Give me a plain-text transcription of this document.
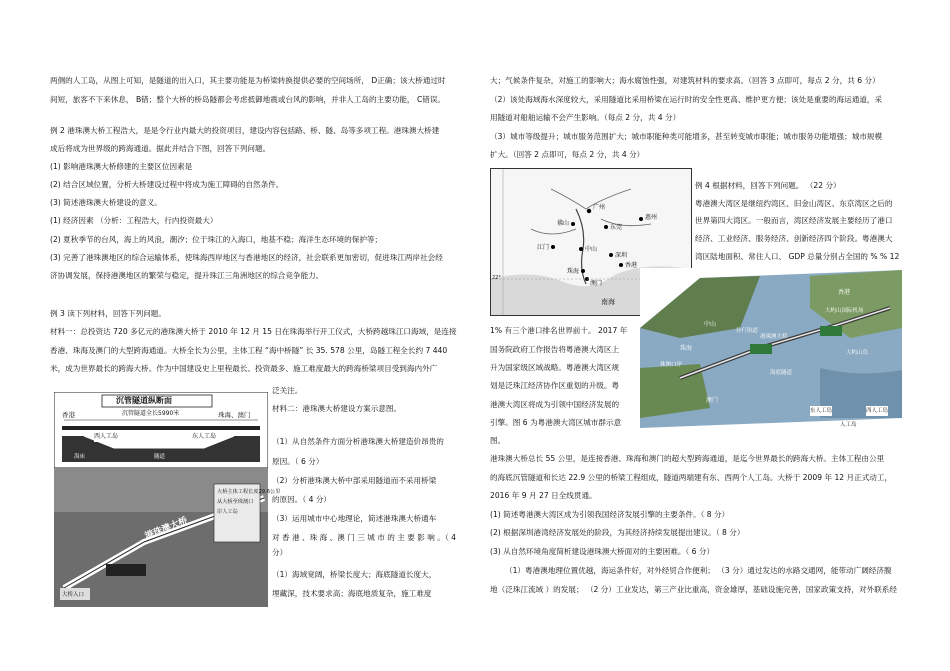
两侧的人工岛，从图上可知，是隧道的出入口，其主要功能是为桥梁转换提供必要的空间场所， D正确；该大桥通过时
间短，旅客不下来休息， B错；整个大桥的桥岛隧都会考虑抵御地震或台风的影响，并非人工岛的主要功能， C错误。
例 2 港珠澳大桥工程浩大，是是令行业内最大的投资项目，建设内容包括路、桥、隧、岛等多项工程。港珠澳大桥建
成后将成为世界级的跨海通道。据此并结合下图，回答下列问题。
(1) 影响港珠澳大桥修建的主要区位因素是
(2) 结合区域位置，分析大桥建设过程中将成为施工障碍的自然条件。
(3) 简述港珠澳大桥建设的意义。
(1) 经济因素 （分析：工程浩大，行内投资最大）
(2) 夏秋季节的台风，海上的风浪，潮汐；位于珠江的入海口，地基不稳；海洋生态环境的保护等；
(3) 完善了港珠澳地区的综合运输体系，使珠海西岸地区与香港地区的经济，社会联系更加密切，促进珠江两岸社会经
济协调发展，保持港澳地区的繁荣与稳定，提升珠江三角洲地区的综合竞争能力。
例 3 读下列材料，回答下列问题。
材料一：总投资达 720 多亿元的港珠澳大桥于 2010 年 12 月 15 日在珠海举行开工仪式，大桥跨越珠江口海域，是连接
香港、珠海及澳门的大型跨海通道。大桥全长为公里，主体工程 “海中桥隧” 长 35. 578 公里，岛隧工程全长约 7 440
米，成为世界最长的跨海大桥。作为中国建设史上里程最长、投资最多、施工难度最大的跨海桥梁项目受到海内外广
沉管隧道纵断面
沉管隧道全长5990米
香港	珠海、澳门
西人工岛	东人工岛
海床	隧道
大桥主体工程长度29.6公里
从大桥至珠澳口
岸人工岛
港珠澳大桥
大桥入口
泛关注。
材料二：港珠澳大桥建设方案示意图。
（1）从自然条件方面分析港珠澳大桥建造价昂贵的
原因。（ 6 分）
（2）分析港珠澳大桥中部采用隧道而不采用桥梁
的原因。（ 4 分）
（3）运用城市中心地理论，简述港珠澳大桥通车
对 香 港 、珠 海 、澳 门 三 城 市 的 主 要 影 响 。（ 4
分）
（1）海域宽阔，桥梁长度大；海底隧道长度大，
埋藏深，技术要求高；海底地质复杂，施工难度
大；气候条件复杂，对施工的影响大；海水腐蚀性强，对建筑材料的要求高。（回答 3 点即可，每点 2 分，共 6 分）
（2）该处海域海水深度较大，采用隧道比采用桥梁在运行时的安全性更高、维护更方便；该处是重要的海运通道，采
用隧道对船舶运输不会产生影响。（每点 2 分，共 4 分）
（3）城市等级提升；城市服务范围扩大；城市职能种类可能增多，甚至转变城市职能；城市服务功能增强；城市规模
扩大。（回答 2 点即可，每点 2 分，共 4 分）
广州
佛山
东莞
惠州
江门	中山
深圳
珠海
澳门
香港
南海
22°
例 4 根据材料，回答下列问题。 （22 分）
粤港澳大湾区是继纽约湾区、旧金山湾区、东京湾区之后的
世界第四大湾区。一般而言，湾区经济发展主要经历了港口
经济、工业经济、服务经济、创新经济四个阶段。粤港澳大
湾区陆地面积、常住人口、 GDP 总量分别占全国的 % % 12
香港
中山
珠海
澳门
伶仃航道
大屿山国际机场
大屿山岛
珠澳口岸
东人工岛	西人工岛
人工岛
海底隧道
港珠澳大桥
1% 有三个港口排名世界前十。 2017 年
国务院政府工作报告将粤港澳大湾区上
升为国家级区域战略。粤港澳大湾区规
划是泛珠江经济协作区重划的升级。粤
港澳大湾区将成为引领中国经济发展的
引擎。图 6 为粤港澳大湾区城市群示意
图。
港珠澳大桥总长 55 公里，是连接香港、珠海和澳门的超大型跨海通道，是迄今世界最长的跨海大桥。主体工程由公里
的海底沉管隧道和长达 22.9 公里的桥梁工程组成，隧道两端建有东、西两个人工岛。大桥于 2009 年 12 月正式动工，
2016 年 9 月 27 日全线贯通。
(1) 简述粤港澳大湾区成为引领我国经济发展引擎的主要条件。（ 8 分）
(2) 根据深圳港湾经济发展处的阶段，为其经济持续发展提出建议。（ 8 分）
(3) 从自然环境角度简析建设港珠澳大桥面对的主要困难。（ 6 分）
（1）粤港澳地理位置优越，海运条件好，对外经贸合作便利； （3 分）通过发达的水路交通网，能带动广阔经济腹
地（泛珠江流域 ）的发展； （2 分）工业发达，第三产业比重高，资金雄厚，基础设施完善，国家政策支持，对外联系经
